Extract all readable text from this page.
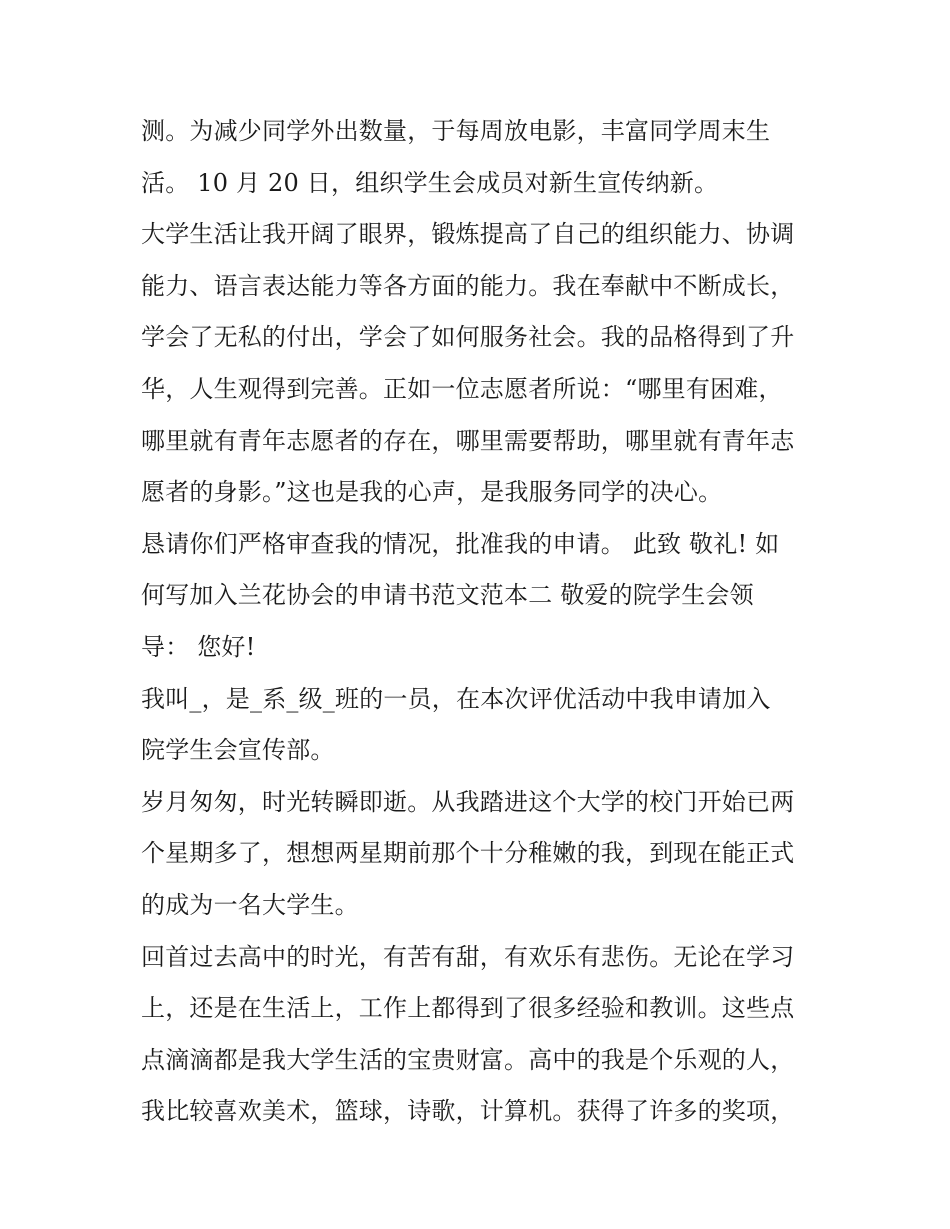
测。为减少同学外出数量，于每周放电影，丰富同学周末生
活。 10 月 20 日，组织学生会成员对新生宣传纳新。
大学生活让我开阔了眼界，锻炼提高了自己的组织能力、协调
能力、语言表达能力等各方面的能力。我在奉献中不断成长，
学会了无私的付出，学会了如何服务社会。我的品格得到了升
华，人生观得到完善。正如一位志愿者所说：“哪里有困难，
哪里就有青年志愿者的存在，哪里需要帮助，哪里就有青年志
愿者的身影。”这也是我的心声，是我服务同学的决心。
恳请你们严格审查我的情况，批准我的申请。 此致 敬礼! 如
何写加入兰花协会的申请书范文范本二 敬爱的院学生会领
导： 您好!
我叫_，是_系_级_班的一员，在本次评优活动中我申请加入
院学生会宣传部。
岁月匆匆，时光转瞬即逝。从我踏进这个大学的校门开始已两
个星期多了，想想两星期前那个十分稚嫩的我，到现在能正式
的成为一名大学生。
回首过去高中的时光，有苦有甜，有欢乐有悲伤。无论在学习
上，还是在生活上，工作上都得到了很多经验和教训。这些点
点滴滴都是我大学生活的宝贵财富。高中的我是个乐观的人，
我比较喜欢美术，篮球，诗歌，计算机。获得了许多的奖项，
